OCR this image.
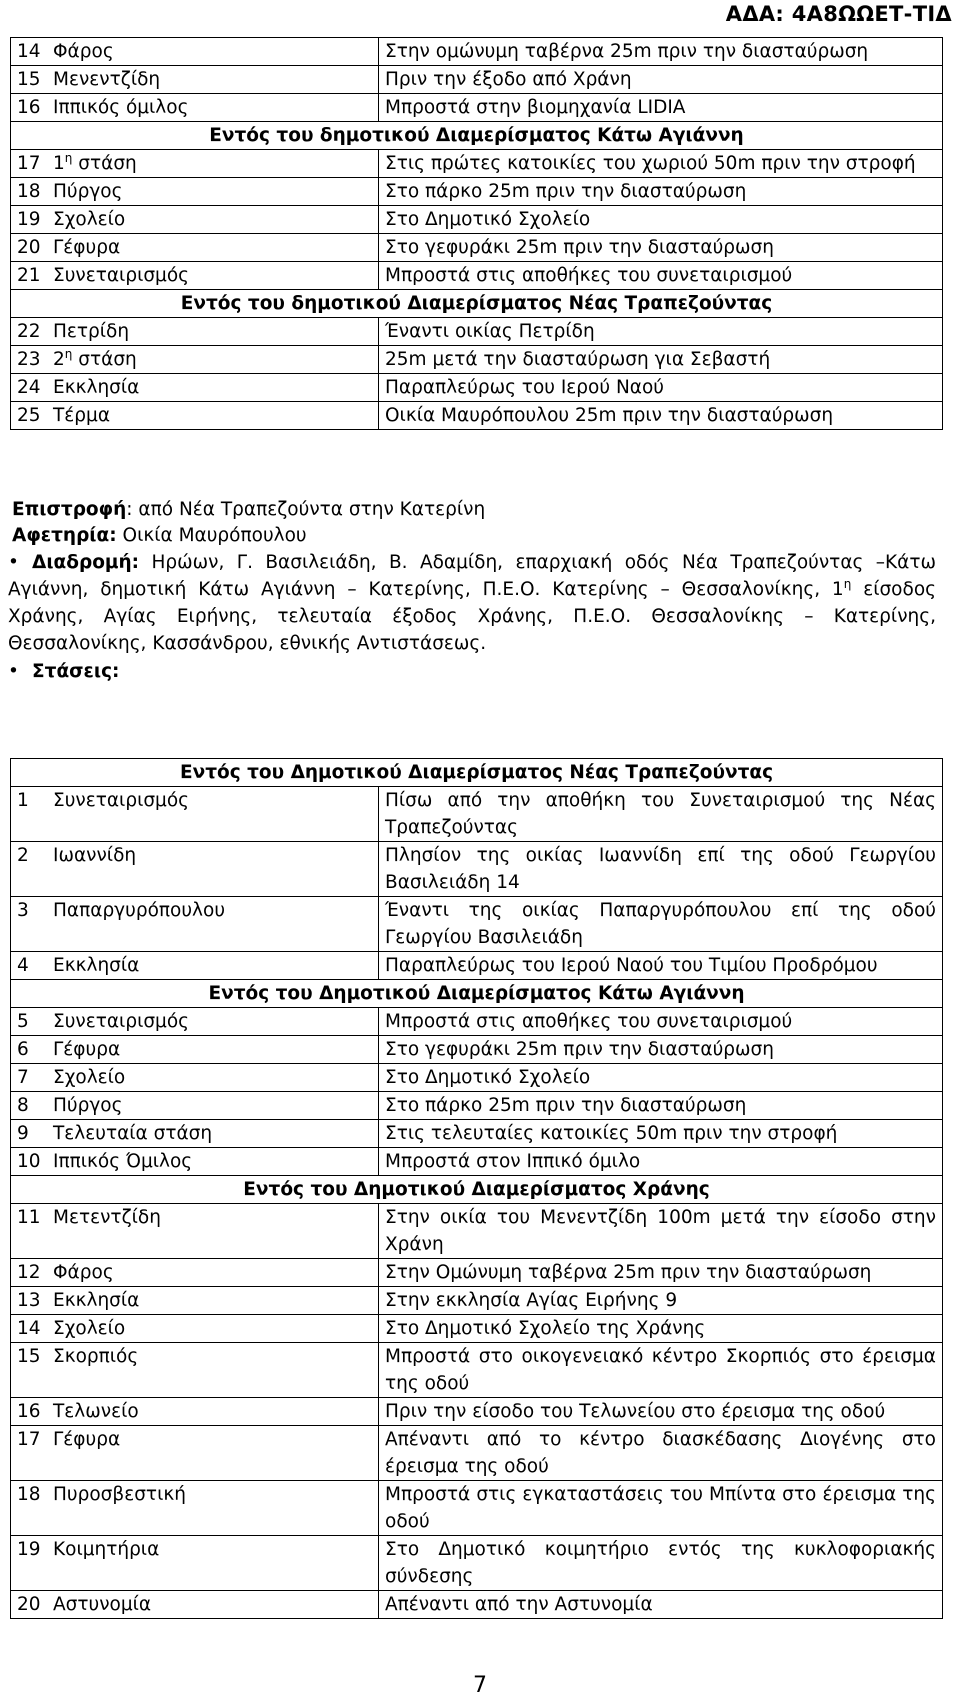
ΑΔΑ: 4Α8ΩΩΕΤ-ΤΙΔ
14 Φάρος	Στην ομώνυμη ταβέρνα 25m πριν την διασταύρωση
15 Μενεντζίδη	Πριν την έξοδο από Χράνη
16 Ιππικός όμιλος	Μπροστά στην βιομηχανία LIDIA
Εντός του δημοτικού Διαμερίσματος Κάτω Αγιάννη	
17 $1^\eta$ στάση	Στις πρώτες κατοικίες του χωριού 50m πριν την στροφή
18 Πύργος	Στο πάρκο 25m πριν την διασταύρωση
19 Σχολείο	Στο Δημοτικό Σχολείο
20 Γέφυρα	Στο γεφυράκι 25m πριν την διασταύρωση
21 Συνεταιρισμός	Μπροστά στις αποθήκες του συνεταιρισμού
Εντός του δημοτικού Διαμερίσματος Νέας Τραπεζούντας	
22 Πετρίδη	Έναντι οικίας Πετρίδη
23 $2^\eta$ στάση	25m μετά την διασταύρωση για Σεβαστή
24 Εκκλησία	Παραπλεύρως του Ιερού Ναού
25 Τέρμα	Οικία Μαυρόπουλου 25m πριν την διασταύρωση
Επιστροφή: από Νέα Τραπεζούντα στην Κατερίνη
Αφετηρία: Οικία Μαυρόπουλου
• Διαδρομή: Ηρώων, Γ. Βασιλειάδη, Β. Αδαμίδη, επαρχιακή οδός Νέα Τραπεζούντας –Κάτω Αγιάννη, δημοτική Κάτω Αγιάννη – Κατερίνης, Π.Ε.Ο. Κατερίνης – Θεσσαλονίκης, $1^\eta$ είσοδος Χράνης, Αγίας Ειρήνης, τελευταία έξοδος Χράνης, Π.Ε.Ο. Θεσσαλονίκης – Κατερίνης, Θεσσαλονίκης, Κασσάνδρου, εθνικής Αντιστάσεως.
• Στάσεις:
Εντός του Δημοτικού Διαμερίσματος Νέας Τραπεζούντας	
1 Συνεταιρισμός	Πίσω από την αποθήκη του Συνεταιρισμού της Νέας Τραπεζούντας
2 Ιωαννίδη	Πλησίον της οικίας Ιωαννίδη επί της οδού Γεωργίου Βασιλειάδη 14
3 Παπαργυρόπουλου	Έναντι της οικίας Παπαργυρόπουλου επί της οδού Γεωργίου Βασιλειάδη
4 Εκκλησία	Παραπλεύρως του Ιερού Ναού του Τιμίου Προδρόμου
Εντός του Δημοτικού Διαμερίσματος Κάτω Αγιάννη	
5 Συνεταιρισμός	Μπροστά στις αποθήκες του συνεταιρισμού
6 Γέφυρα	Στο γεφυράκι 25m πριν την διασταύρωση
7 Σχολείο	Στο Δημοτικό Σχολείο
8 Πύργος	Στο πάρκο 25m πριν την διασταύρωση
9 Τελευταία στάση	Στις τελευταίες κατοικίες 50m πριν την στροφή
10 Ιππικός Όμιλος	Μπροστά στον Ιππικό όμιλο
Εντός του Δημοτικού Διαμερίσματος Χράνης	
11 Μετεντζίδη	Στην οικία του Μενεντζίδη 100m μετά την είσοδο στην Χράνη
12 Φάρος	Στην Ομώνυμη ταβέρνα 25m πριν την διασταύρωση
13 Εκκλησία	Στην εκκλησία Αγίας Ειρήνης 9
14 Σχολείο	Στο Δημοτικό Σχολείο της Χράνης
15 Σκορπιός	Μπροστά στο οικογενειακό κέντρο Σκορπιός στο έρεισμα της οδού
16 Τελωνείο	Πριν την είσοδο του Τελωνείου στο έρεισμα της οδού
17 Γέφυρα	Απέναντι από το κέντρο διασκέδασης Διογένης στο έρεισμα της οδού
18 Πυροσβεστική	Μπροστά στις εγκαταστάσεις του Μπίντα στο έρεισμα της οδού
19 Κοιμητήρια	Στο Δημοτικό κοιμητήριο εντός της κυκλοφοριακής σύνδεσης
20 Αστυνομία	Απέναντι από την Αστυνομία
7
